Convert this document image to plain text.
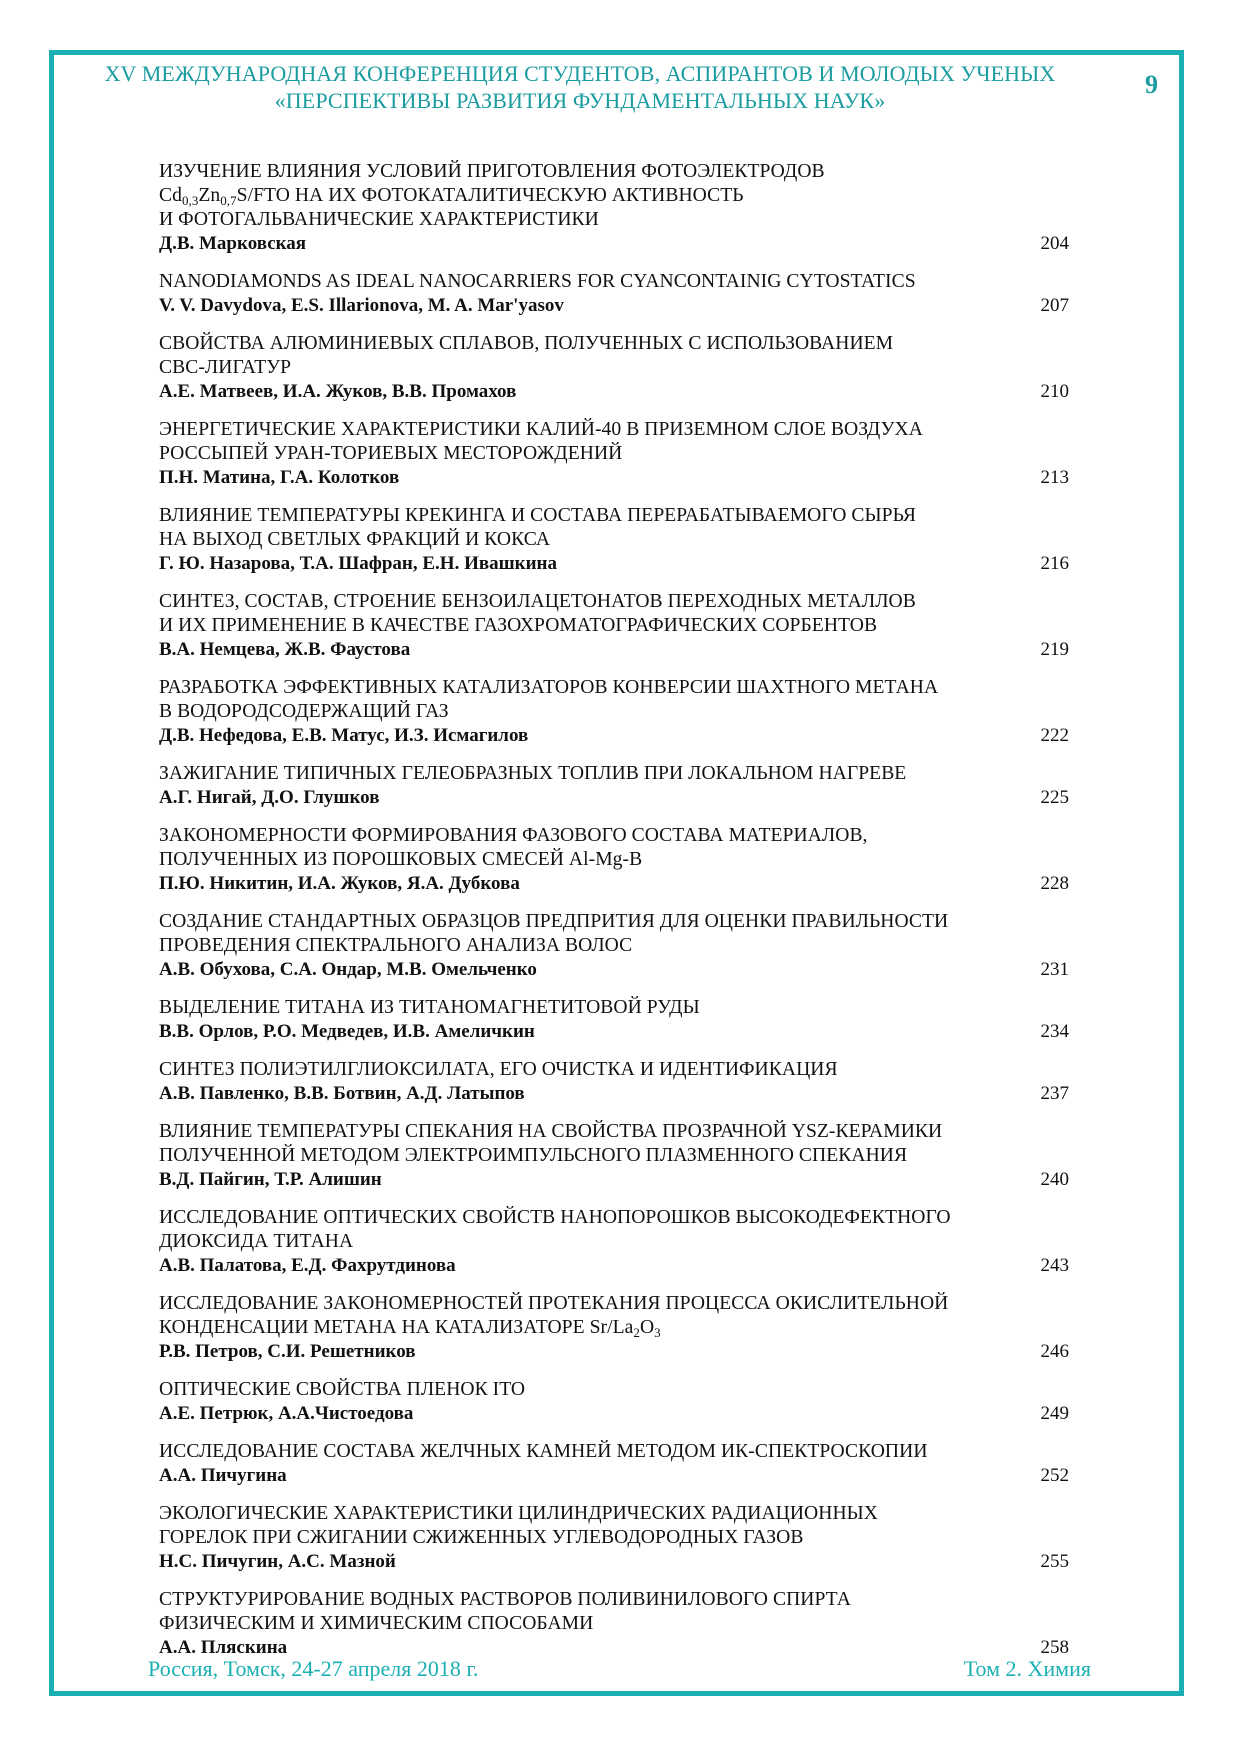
XV МЕЖДУНАРОДНАЯ КОНФЕРЕНЦИЯ СТУДЕНТОВ, АСПИРАНТОВ И МОЛОДЫХ УЧЕНЫХ
«ПЕРСПЕКТИВЫ РАЗВИТИЯ ФУНДАМЕНТАЛЬНЫХ НАУК»
9
ИЗУЧЕНИЕ ВЛИЯНИЯ УСЛОВИЙ ПРИГОТОВЛЕНИЯ ФОТОЭЛЕКТРОДОВ
$Cd_{0,3}Zn_{0,7}S$/FTO НА ИХ ФОТОКАТАЛИТИЧЕСКУЮ АКТИВНОСТЬ
И ФОТОГАЛЬВАНИЧЕСКИЕ ХАРАКТЕРИСТИКИ
Д.В. Марковская	204
NANODIAMONDS AS IDEAL NANOCARRIERS FOR CYANCONTAINIG CYTOSTATICS
V. V. Davydova, E.S. Illarionova, M. A. Mar'yasov	207
СВОЙСТВА АЛЮМИНИЕВЫХ СПЛАВОВ, ПОЛУЧЕННЫХ С ИСПОЛЬЗОВАНИЕМ
СВС-ЛИГАТУР
А.Е. Матвеев, И.А. Жуков, В.В. Промахов	210
ЭНЕРГЕТИЧЕСКИЕ ХАРАКТЕРИСТИКИ КАЛИЙ-40 В ПРИЗЕМНОМ СЛОЕ ВОЗДУХА
РОССЫПЕЙ УРАН-ТОРИЕВЫХ МЕСТОРОЖДЕНИЙ
П.Н. Матина, Г.А. Колотков	213
ВЛИЯНИЕ ТЕМПЕРАТУРЫ КРЕКИНГА И СОСТАВА ПЕРЕРАБАТЫВАЕМОГО СЫРЬЯ
НА ВЫХОД СВЕТЛЫХ ФРАКЦИЙ И КОКСА
Г. Ю. Назарова, Т.А. Шафран, Е.Н. Ивашкина	216
СИНТЕЗ, СОСТАВ, СТРОЕНИЕ БЕНЗОИЛАЦЕТОНАТОВ ПЕРЕХОДНЫХ МЕТАЛЛОВ
И ИХ ПРИМЕНЕНИЕ В КАЧЕСТВЕ ГАЗОХРОМАТОГРАФИЧЕСКИХ СОРБЕНТОВ
В.А. Немцева, Ж.В. Фаустова	219
РАЗРАБОТКА ЭФФЕКТИВНЫХ КАТАЛИЗАТОРОВ КОНВЕРСИИ ШАХТНОГО МЕТАНА
В ВОДОРОДСОДЕРЖАЩИЙ ГАЗ
Д.В. Нефедова, Е.В. Матус, И.З. Исмагилов	222
ЗАЖИГАНИЕ ТИПИЧНЫХ ГЕЛЕОБРАЗНЫХ ТОПЛИВ ПРИ ЛОКАЛЬНОМ НАГРЕВЕ
А.Г. Нигай, Д.О. Глушков	225
ЗАКОНОМЕРНОСТИ ФОРМИРОВАНИЯ ФАЗОВОГО СОСТАВА МАТЕРИАЛОВ,
ПОЛУЧЕННЫХ ИЗ ПОРОШКОВЫХ СМЕСЕЙ Al-Mg-B
П.Ю. Никитин, И.А. Жуков, Я.А. Дубкова	228
СОЗДАНИЕ СТАНДАРТНЫХ ОБРАЗЦОВ ПРЕДПРИТИЯ ДЛЯ ОЦЕНКИ ПРАВИЛЬНОСТИ
ПРОВЕДЕНИЯ СПЕКТРАЛЬНОГО АНАЛИЗА ВОЛОС
А.В. Обухова, С.А. Ондар, М.В. Омельченко	231
ВЫДЕЛЕНИЕ ТИТАНА ИЗ ТИТАНОМАГНЕТИТОВОЙ РУДЫ
В.В. Орлов, Р.О. Медведев, И.В. Амеличкин	234
СИНТЕЗ ПОЛИЭТИЛГЛИОКСИЛАТА, ЕГО ОЧИСТКА И ИДЕНТИФИКАЦИЯ
А.В. Павленко, В.В. Ботвин, А.Д. Латыпов	237
ВЛИЯНИЕ ТЕМПЕРАТУРЫ СПЕКАНИЯ НА СВОЙСТВА ПРОЗРАЧНОЙ YSZ-КЕРАМИКИ
ПОЛУЧЕННОЙ МЕТОДОМ ЭЛЕКТРОИМПУЛЬСНОГО ПЛАЗМЕННОГО СПЕКАНИЯ
В.Д. Пайгин, Т.Р. Алишин	240
ИССЛЕДОВАНИЕ ОПТИЧЕСКИХ СВОЙСТВ НАНОПОРОШКОВ ВЫСОКОДЕФЕКТНОГО
ДИОКСИДА ТИТАНА
А.В. Палатова, Е.Д. Фахрутдинова	243
ИССЛЕДОВАНИЕ ЗАКОНОМЕРНОСТЕЙ ПРОТЕКАНИЯ ПРОЦЕССА ОКИСЛИТЕЛЬНОЙ
КОНДЕНСАЦИИ МЕТАНА НА КАТАЛИЗАТОРЕ $Sr/La_2O_3$
Р.В. Петров, С.И. Решетников	246
ОПТИЧЕСКИЕ СВОЙСТВА ПЛЕНОК ITO
А.Е. Петрюк, А.А.Чистоедова	249
ИССЛЕДОВАНИЕ СОСТАВА ЖЕЛЧНЫХ КАМНЕЙ МЕТОДОМ ИК-СПЕКТРОСКОПИИ
А.А. Пичугина	252
ЭКОЛОГИЧЕСКИЕ ХАРАКТЕРИСТИКИ ЦИЛИНДРИЧЕСКИХ РАДИАЦИОННЫХ
ГОРЕЛОК ПРИ СЖИГАНИИ СЖИЖЕННЫХ УГЛЕВОДОРОДНЫХ ГАЗОВ
Н.С. Пичугин, А.С. Мазной	255
СТРУКТУРИРОВАНИЕ ВОДНЫХ РАСТВОРОВ ПОЛИВИНИЛОВОГО СПИРТА
ФИЗИЧЕСКИМ И ХИМИЧЕСКИМ СПОСОБАМИ
А.А. Пляскина	258
Россия, Томск, 24-27 апреля 2018 г.	Том 2. Химия
